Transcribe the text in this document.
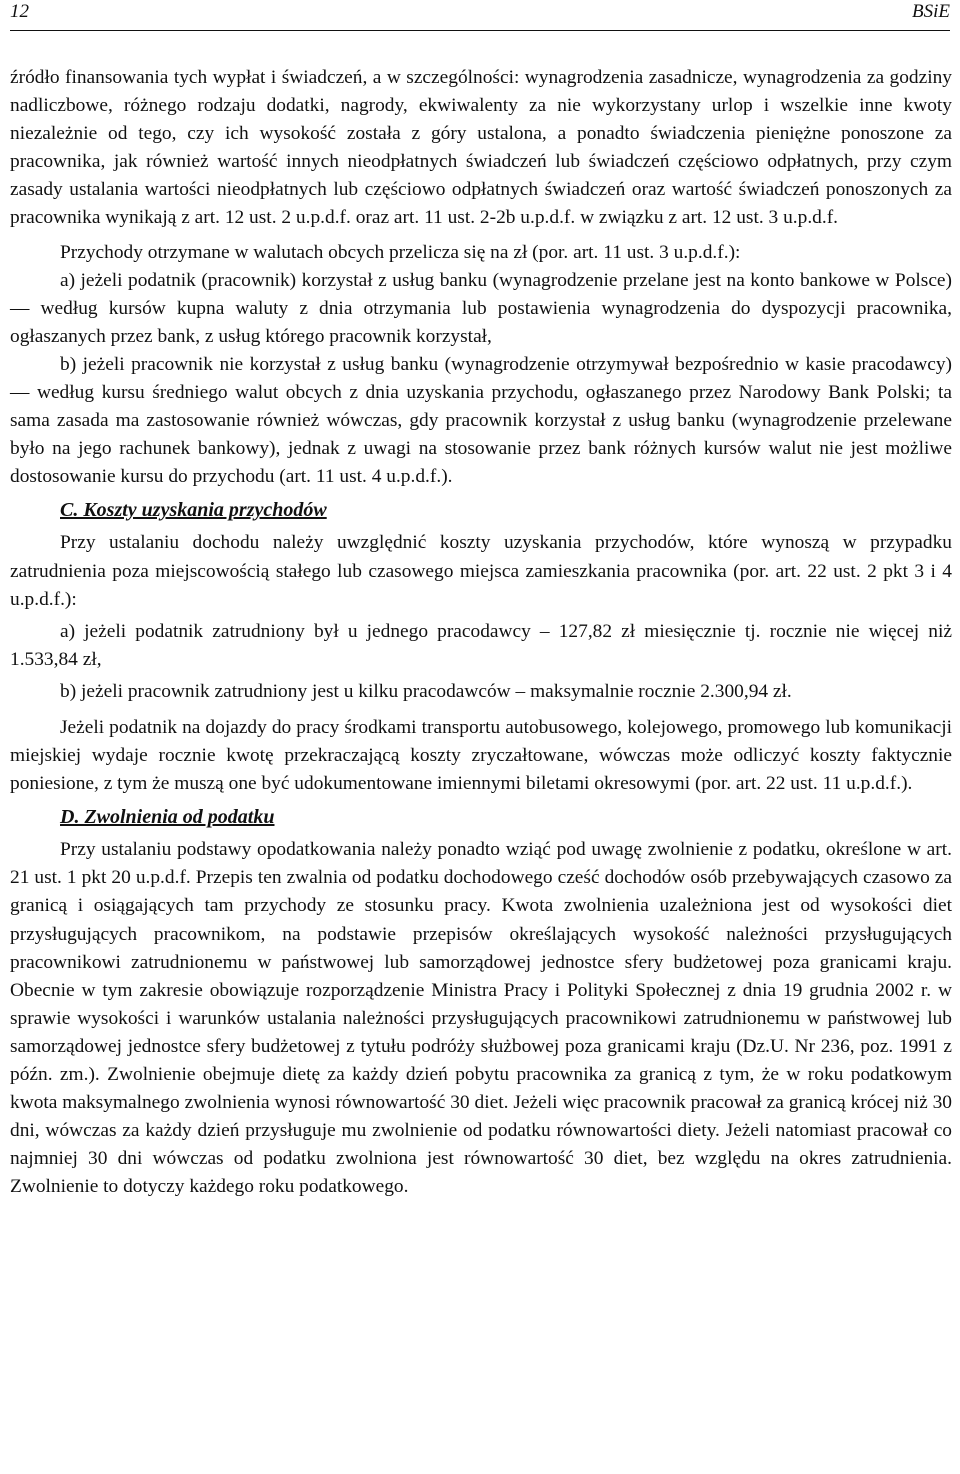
12	BSiE

źródło finansowania tych wypłat i świadczeń, a w szczególności: wynagrodzenia zasadnicze, wynagrodzenia za godziny nadliczbowe, różnego rodzaju dodatki, nagrody, ekwiwalenty za nie wykorzystany urlop i wszelkie inne kwoty niezależnie od tego, czy ich wysokość została z góry ustalona, a ponadto świadczenia pieniężne ponoszone za pracownika, jak również wartość innych nieodpłatnych świadczeń lub świadczeń częściowo odpłatnych, przy czym zasady ustalania wartości nieodpłatnych lub częściowo odpłatnych świadczeń oraz wartość świadczeń ponoszonych za pracownika wynikają z art. 12 ust. 2 u.p.d.f. oraz art. 11 ust. 2-2b u.p.d.f. w związku z art. 12 ust. 3 u.p.d.f.

Przychody otrzymane w walutach obcych przelicza się na zł (por. art. 11 ust. 3 u.p.d.f.):

a) jeżeli podatnik (pracownik) korzystał z usług banku (wynagrodzenie przelane jest na konto bankowe w Polsce) — według kursów kupna waluty z dnia otrzymania lub postawienia wynagrodzenia do dyspozycji pracownika, ogłaszanych przez bank, z usług którego pracownik korzystał,

b) jeżeli pracownik nie korzystał z usług banku (wynagrodzenie otrzymywał bezpośrednio w kasie pracodawcy) — według kursu średniego walut obcych z dnia uzyskania przychodu, ogłaszanego przez Narodowy Bank Polski; ta sama zasada ma zastosowanie również wówczas, gdy pracownik korzystał z usług banku (wynagrodzenie przelewane było na jego rachunek bankowy), jednak z uwagi na stosowanie przez bank różnych kursów walut nie jest możliwe dostosowanie kursu do przychodu (art. 11 ust. 4 u.p.d.f.).

C. Koszty uzyskania przychodów

Przy ustalaniu dochodu należy uwzględnić koszty uzyskania przychodów, które wynoszą w przypadku zatrudnienia poza miejscowością stałego lub czasowego miejsca zamieszkania pracownika (por. art. 22 ust. 2 pkt 3 i 4 u.p.d.f.):

a) jeżeli podatnik zatrudniony był u jednego pracodawcy – 127,82 zł miesięcznie tj. rocznie nie więcej niż 1.533,84 zł,

b) jeżeli pracownik zatrudniony jest u kilku pracodawców – maksymalnie rocznie 2.300,94 zł.

Jeżeli podatnik na dojazdy do pracy środkami transportu autobusowego, kolejowego, promowego lub komunikacji miejskiej wydaje rocznie kwotę przekraczającą koszty zryczałtowane, wówczas może odliczyć koszty faktycznie poniesione, z tym że muszą one być udokumentowane imiennymi biletami okresowymi (por. art. 22 ust. 11 u.p.d.f.).

D. Zwolnienia od podatku

Przy ustalaniu podstawy opodatkowania należy ponadto wziąć pod uwagę zwolnienie z podatku, określone w art. 21 ust. 1 pkt 20 u.p.d.f. Przepis ten zwalnia od podatku dochodowego cześć dochodów osób przebywających czasowo za granicą i osiągających tam przychody ze stosunku pracy. Kwota zwolnienia uzależniona jest od wysokości diet przysługujących pracownikom, na podstawie przepisów określających wysokość należności przysługujących pracownikowi zatrudnionemu w państwowej lub samorządowej jednostce sfery budżetowej poza granicami kraju. Obecnie w tym zakresie obowiązuje rozporządzenie Ministra Pracy i Polityki Społecznej z dnia 19 grudnia 2002 r. w sprawie wysokości i warunków ustalania należności przysługujących pracownikowi zatrudnionemu w państwowej lub samorządowej jednostce sfery budżetowej z tytułu podróży służbowej poza granicami kraju (Dz.U. Nr 236, poz. 1991 z późn. zm.). Zwolnienie obejmuje dietę za każdy dzień pobytu pracownika za granicą z tym, że w roku podatkowym kwota maksymalnego zwolnienia wynosi równowartość 30 diet. Jeżeli więc pracownik pracował za granicą krócej niż 30 dni, wówczas za każdy dzień przysługuje mu zwolnienie od podatku równowartości diety. Jeżeli natomiast pracował co najmniej 30 dni wówczas od podatku zwolniona jest równowartość 30 diet, bez względu na okres zatrudnienia. Zwolnienie to dotyczy każdego roku podatkowego.
